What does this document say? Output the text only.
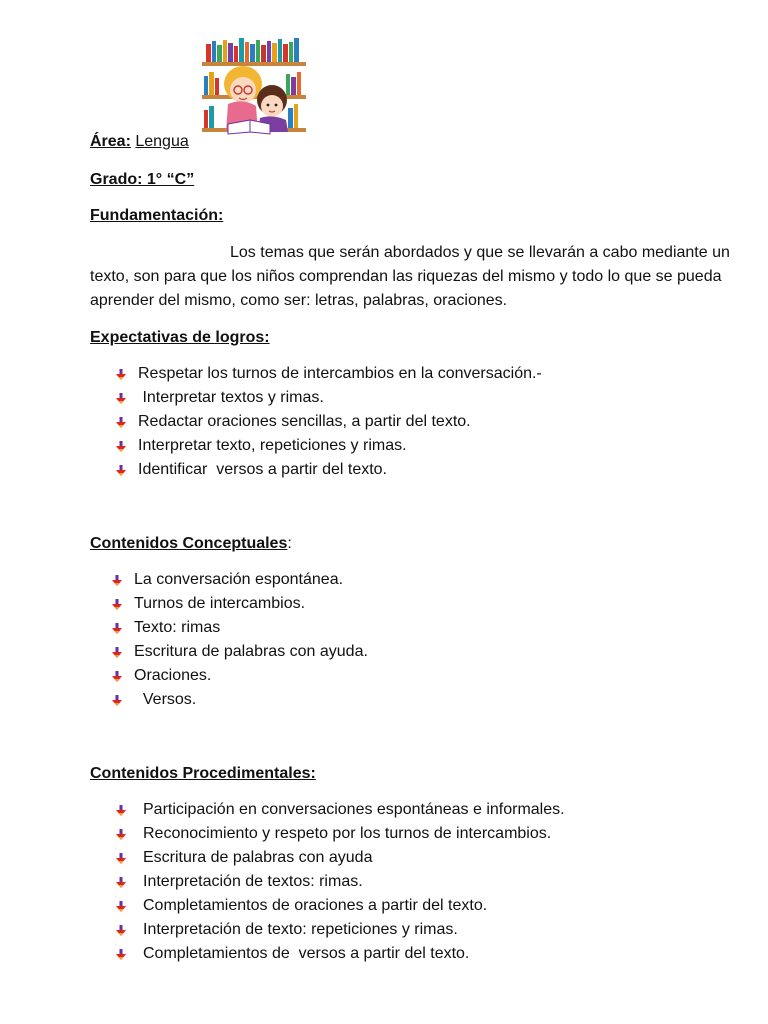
Área: Lengua
Grado: 1° “C”
Fundamentación:
Los temas que serán abordados y que se llevarán a cabo mediante un texto, son para que los niños comprendan las riquezas del mismo y todo lo que se pueda aprender del mismo, como ser: letras, palabras, oraciones.
Expectativas de logros:
Respetar los turnos de intercambios en la conversación.-
Interpretar textos y rimas.
Redactar oraciones sencillas, a partir del texto.
Interpretar texto, repeticiones y rimas.
Identificar  versos a partir del texto.
Contenidos Conceptuales:
La conversación espontánea.
Turnos de intercambios.
Texto: rimas
Escritura de palabras con ayuda.
Oraciones.
Versos.
Contenidos Procedimentales:
Participación en conversaciones espontáneas e informales.
Reconocimiento y respeto por los turnos de intercambios.
Escritura de palabras con ayuda
Interpretación de textos: rimas.
Completamientos de oraciones a partir del texto.
Interpretación de texto: repeticiones y rimas.
Completamientos de  versos a partir del texto.
